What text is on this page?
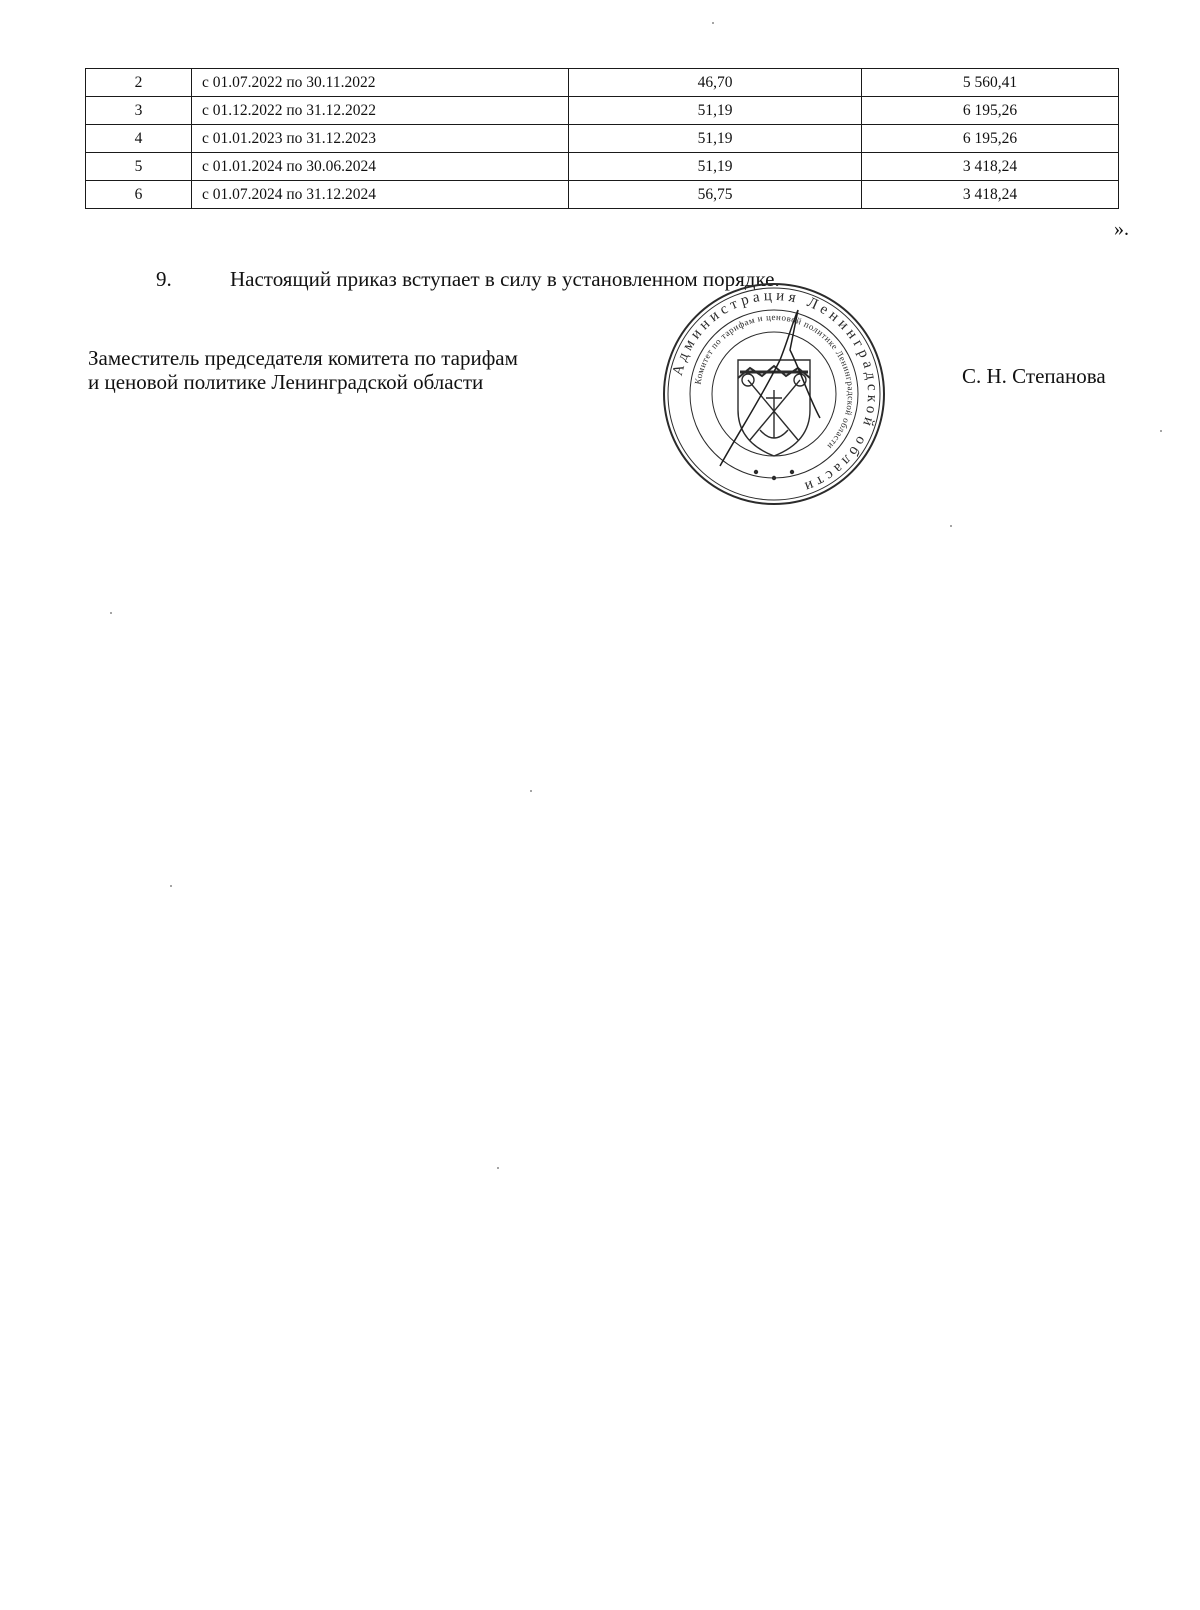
2	с 01.07.2022 по 30.11.2022	46,70	5 560,41
3	с 01.12.2022 по 31.12.2022	51,19	6 195,26
4	с 01.01.2023 по 31.12.2023	51,19	6 195,26
5	с 01.01.2024 по 30.06.2024	51,19	3 418,24
6	с 01.07.2024 по 31.12.2024	56,75	3 418,24
».
9.	Настоящий приказ вступает в силу в установленном порядке.
Заместитель председателя комитета по тарифам
и ценовой политике Ленинградской области
Администрация Ленинградской области
Комитет по тарифам и ценовой политике Ленинградской области
С. Н. Степанова
